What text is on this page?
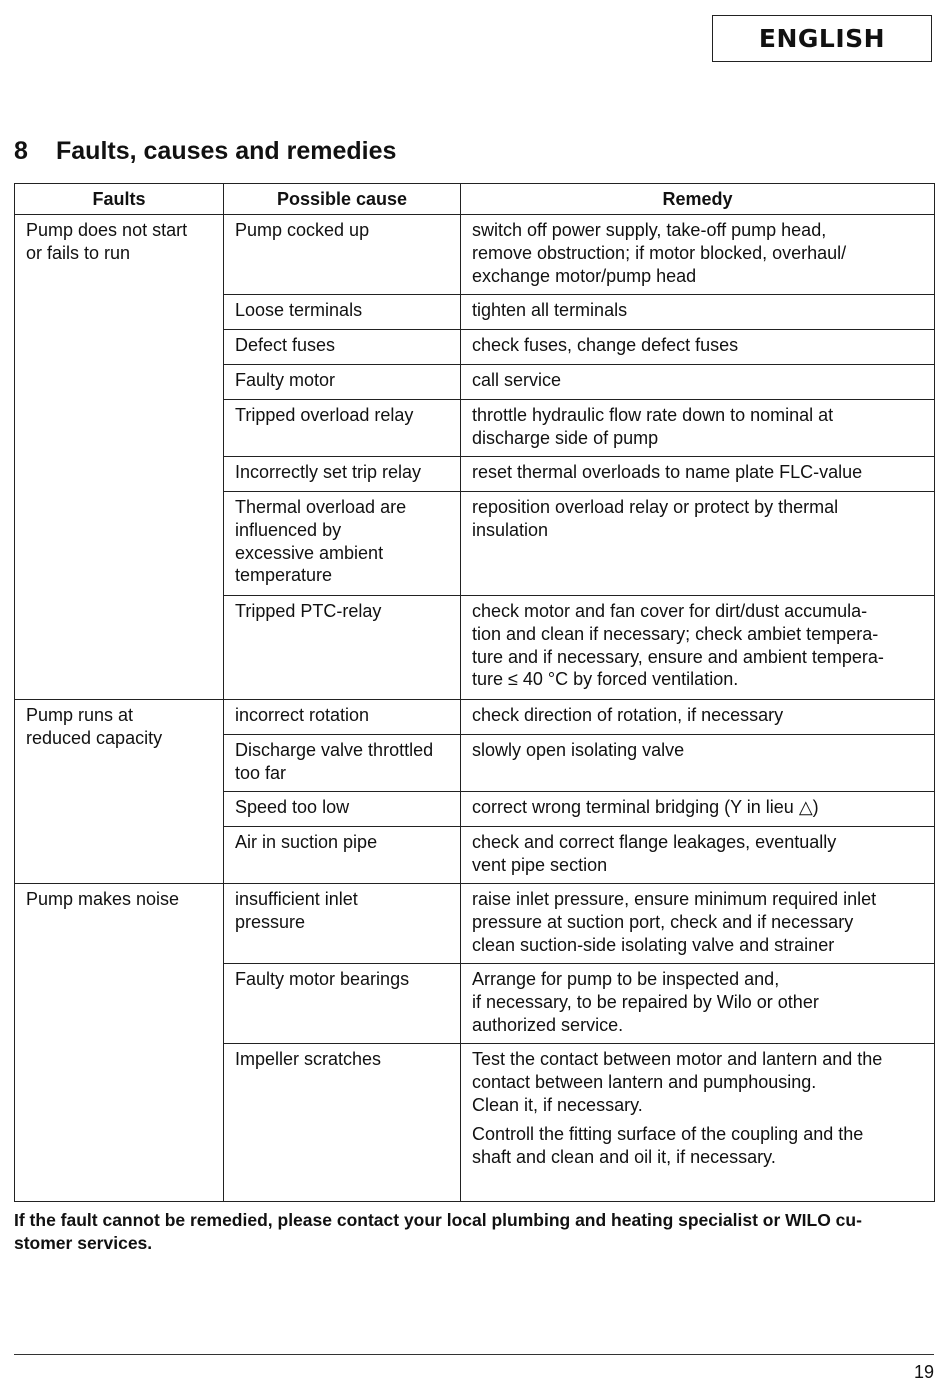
ENGLISH
8 Faults, causes and remedies
Faults	Possible cause	Remedy

Pump does not start
or fails to run	Pump cocked up	switch off power supply, take-off pump head,
remove obstruction; if motor blocked, overhaul/
exchange motor/pump head

	Loose terminals	tighten all terminals

	Defect fuses	check fuses, change defect fuses

	Faulty motor	call service

	Tripped overload relay	throttle hydraulic flow rate down to nominal at
discharge side of pump

	Incorrectly set trip relay	reset thermal overloads to name plate FLC-value

	Thermal overload are
influenced by
excessive ambient
temperature	reposition overload relay or protect by thermal
insulation

	Tripped PTC-relay	check motor and fan cover for dirt/dust accumula-
tion and clean if necessary; check ambiet tempera-
ture and if necessary, ensure and ambient tempera-
ture ≤ 40 °C by forced ventilation.

Pump runs at
reduced capacity	incorrect rotation	check direction of rotation, if necessary

	Discharge valve throttled
too far	slowly open isolating valve

	Speed too low	correct wrong terminal bridging (Y in lieu △)

	Air in suction pipe	check and correct flange leakages, eventually
vent pipe section

Pump makes noise	insufficient inlet
pressure	raise inlet pressure, ensure minimum required inlet
pressure at suction port, check and if necessary
clean suction-side isolating valve and strainer

	Faulty motor bearings	Arrange for pump to be inspected and,
if necessary, to be repaired by Wilo or other
authorized service.

	Impeller scratches	Test the contact between motor and lantern and the
contact between lantern and pumphousing.
Clean it, if necessary.
Controll the fitting surface of the coupling and the
shaft and clean and oil it, if necessary.

If the fault cannot be remedied, please contact your local plumbing and heating specialist or WILO cu-
stomer services.

19
